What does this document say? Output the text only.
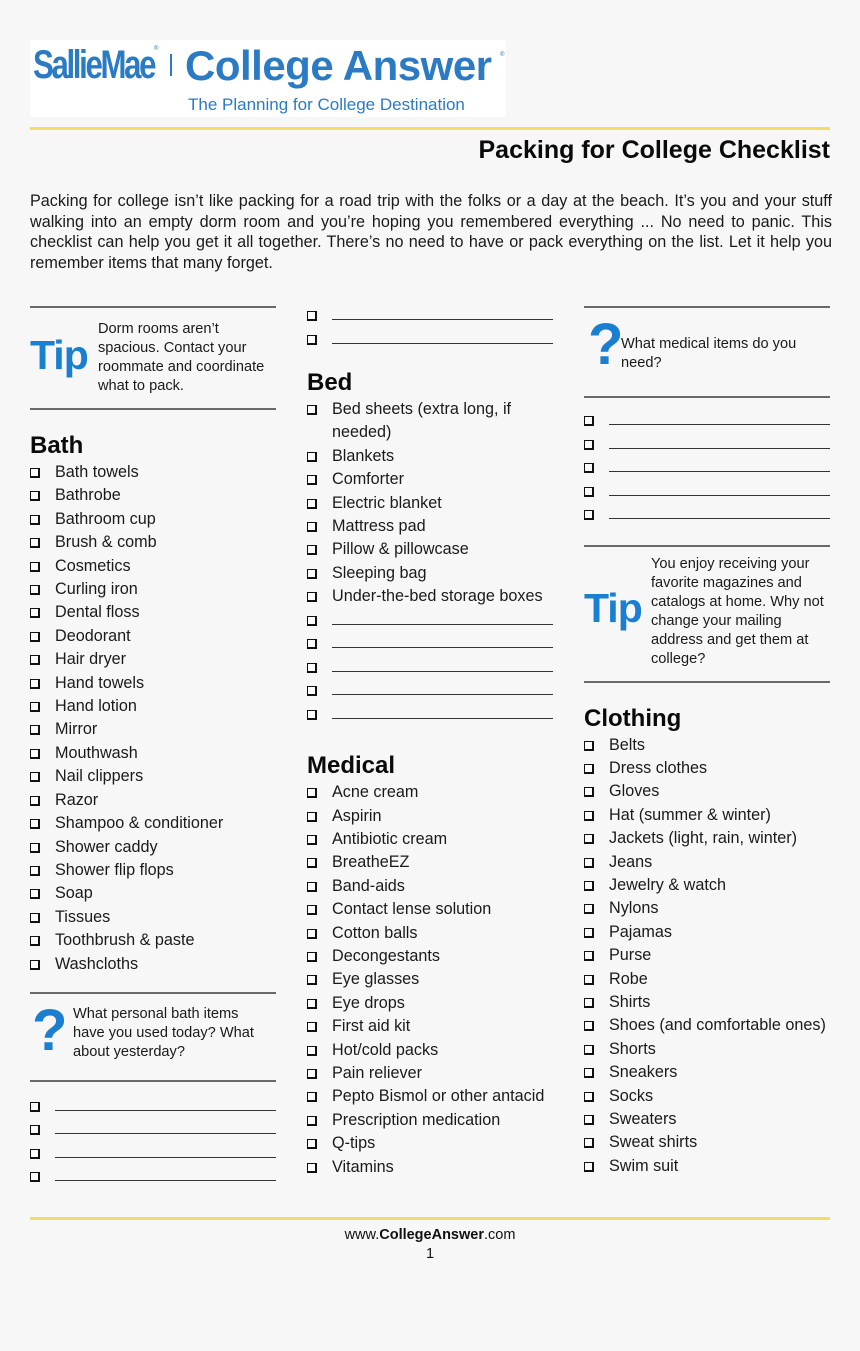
SallieMae ® College Answer ®
The Planning for College Destination
Packing for College Checklist

Packing for college isn’t like packing for a road trip with the folks or a day at the beach. It’s you and your stuff walking into an empty dorm room and you’re hoping you remembered everything ... No need to panic. This checklist can help you get it all together. There’s no need to have or pack everything on the list. Let it help you remember items that many forget.

Tip
Dorm rooms aren’t spacious. Contact your roommate and coordinate what to pack.
Bath
Bath towels
Bathrobe
Bathroom cup
Brush & comb
Cosmetics
Curling iron
Dental floss
Deodorant
Hair dryer
Hand towels
Hand lotion
Mirror
Mouthwash
Nail clippers
Razor
Shampoo & conditioner
Shower caddy
Shower flip flops
Soap
Tissues
Toothbrush & paste
Washcloths
? What personal bath items have you used today? What about yesterday?
Bed
Bed sheets (extra long, if needed)
Blankets
Comforter
Electric blanket
Mattress pad
Pillow & pillowcase
Sleeping bag
Under-the-bed storage boxes
Medical
Acne cream
Aspirin
Antibiotic cream
BreatheEZ
Band-aids
Contact lense solution
Cotton balls
Decongestants
Eye glasses
Eye drops
First aid kit
Hot/cold packs
Pain reliever
Pepto Bismol or other antacid
Prescription medication
Q-tips
Vitamins
?
What medical items do you need?
Tip
You enjoy receiving your favorite magazines and catalogs at home. Why not change your mailing address and get them at college?
Clothing
Belts
Dress clothes
Gloves
Hat (summer & winter)
Jackets (light, rain, winter)
Jeans
Jewelry & watch
Nylons
Pajamas
Purse
Robe
Shirts
Shoes (and comfortable ones)
Shorts
Sneakers
Socks
Sweaters
Sweat shirts
Swim suit
www.CollegeAnswer.com
1
